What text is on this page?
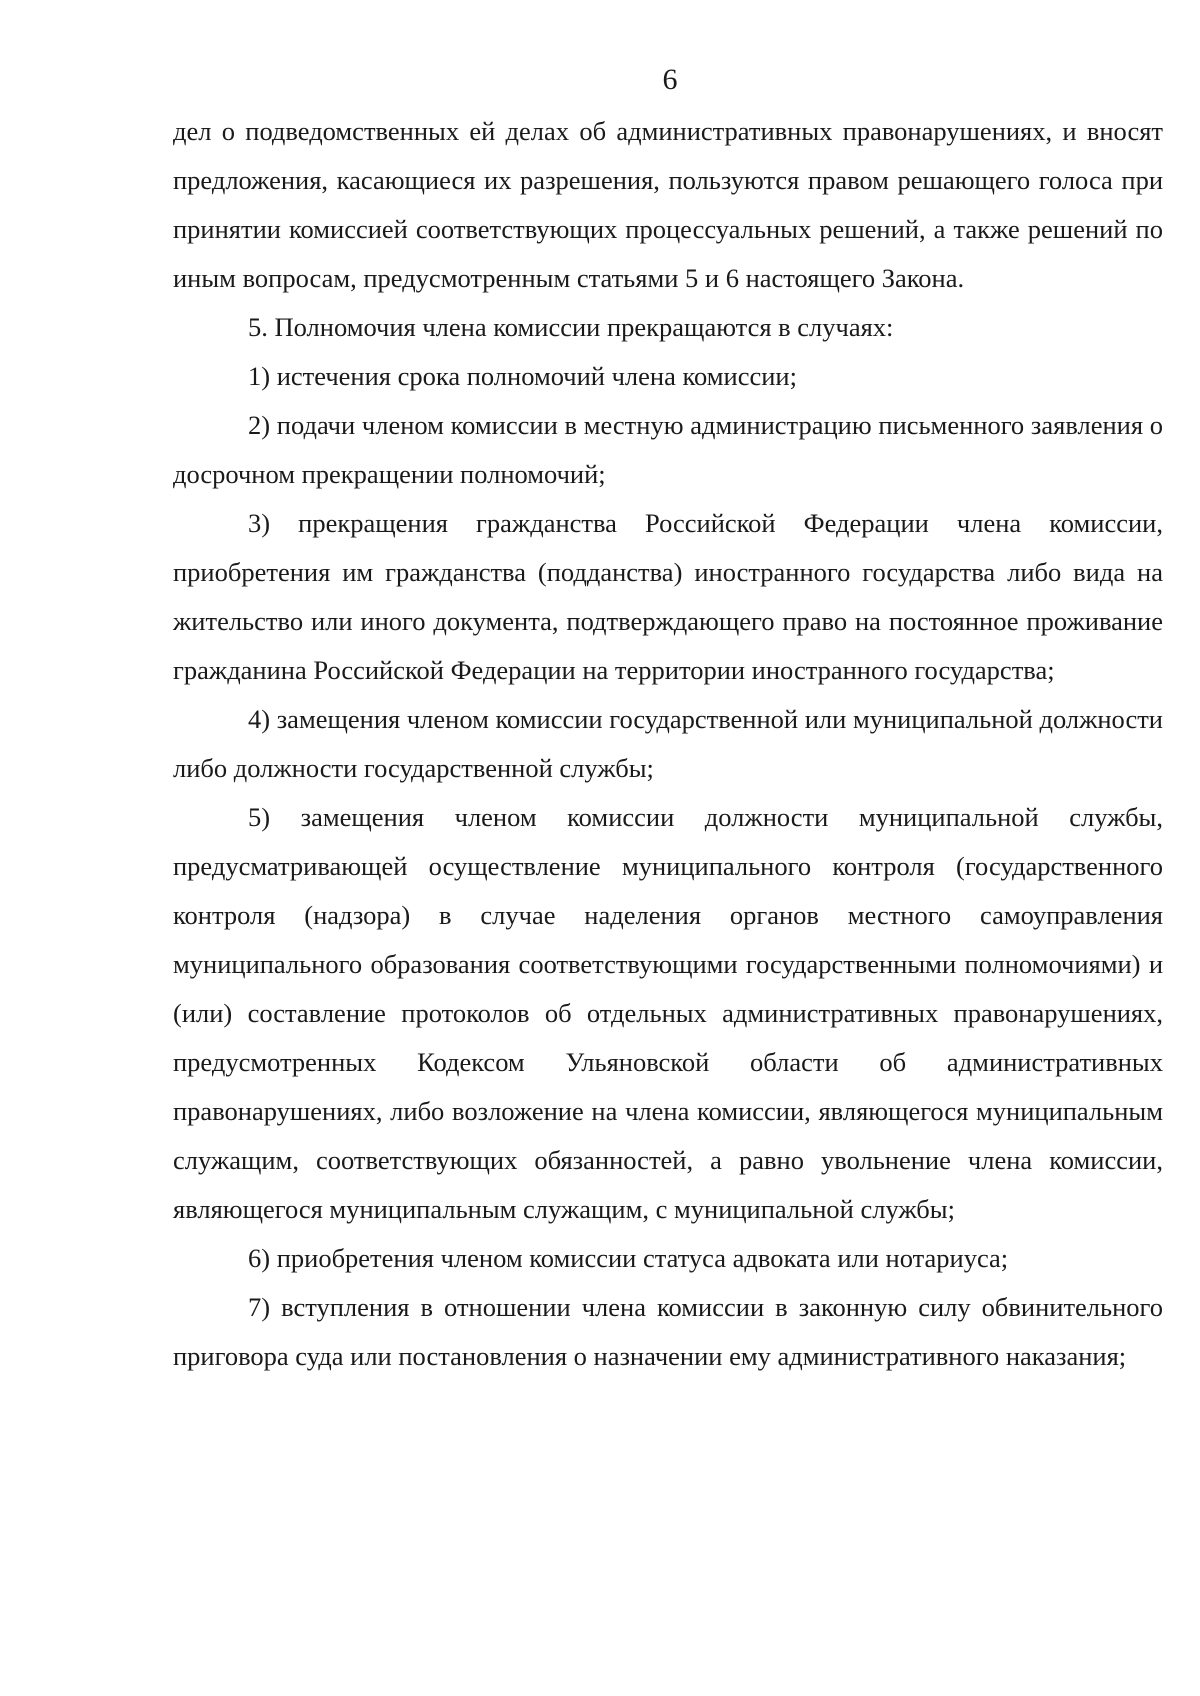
6

дел о подведомственных ей делах об административных правонарушениях, и вносят предложения, касающиеся их разрешения, пользуются правом решающего голоса при принятии комиссией соответствующих процессуальных решений, а также решений по иным вопросам, предусмотренным статьями 5 и 6 настоящего Закона.

5. Полномочия члена комиссии прекращаются в случаях:

1) истечения срока полномочий члена комиссии;

2) подачи членом комиссии в местную администрацию письменного заявления о досрочном прекращении полномочий;

3) прекращения гражданства Российской Федерации члена комиссии, приобретения им гражданства (подданства) иностранного государства либо вида на жительство или иного документа, подтверждающего право на постоянное проживание гражданина Российской Федерации на территории иностранного государства;

4) замещения членом комиссии государственной или муниципальной должности либо должности государственной службы;

5) замещения членом комиссии должности муниципальной службы, предусматривающей осуществление муниципального контроля (государственного контроля (надзора) в случае наделения органов местного самоуправления муниципального образования соответствующими государственными полномочиями) и (или) составление протоколов об отдельных административных правонарушениях, предусмотренных Кодексом Ульяновской области об административных правонарушениях, либо возложение на члена комиссии, являющегося муниципальным служащим, соответствующих обязанностей, а равно увольнение члена комиссии, являющегося муниципальным служащим, с муниципальной службы;

6) приобретения членом комиссии статуса адвоката или нотариуса;

7) вступления в отношении члена комиссии в законную силу обвинительного приговора суда или постановления о назначении ему административного наказания;
